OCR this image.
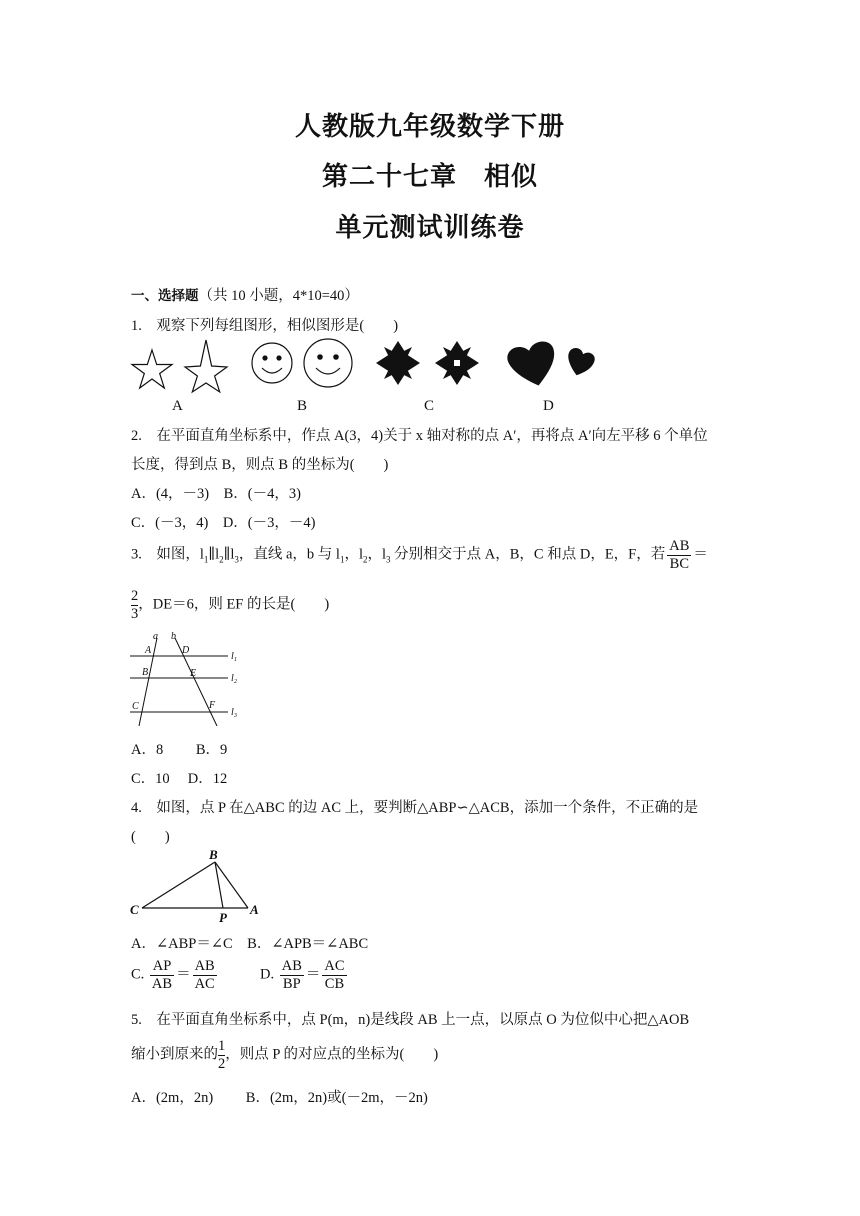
人教版九年级数学下册
第二十七章　相似
单元测试训练卷
一、选择题（共 10 小题，4*10=40）
1.　观察下列每组图形，相似图形是(　　)
A	B	C	D
2.　在平面直角坐标系中，作点 A(3，4)关于 x 轴对称的点 A′，再将点 A′向左平移 6 个单位
长度，得到点 B，则点 B 的坐标为(　　)
A．(4，－3)　B．(－4，3)
C．(－3，4)　D．(－3，－4)
3.　如图，$l_1\parallel l_2\parallel l_3$，直线 a，b 与 $l_1$，$l_2$，$l_3$ 分别相交于点 A，B，C 和点 D，E，F，若 $\frac{AB}{BC}$ ＝
$\frac{2}{3}$ ，DE＝6，则 EF 的长是(　　)
a b
A	D
B	E
C	F
l 1
l 2
l 3
A．8　　 B．9
C．10　 D．12
4.　如图，点 P 在△ABC 的边 AC 上，要判断△ABP∽△ACB，添加一个条件，不正确的是
(　　)
B
C
P
A
A．∠ABP＝∠C　B．∠APB＝∠ABC
C. $\frac{AP}{AB} = \frac{AB}{AC}$	D. $\frac{AB}{BP} = \frac{AC}{CB}$
5.　在平面直角坐标系中，点 P(m，n)是线段 AB 上一点，以原点 O 为位似中心把△AOB
缩小到原来的 $\frac{1}{2}$ ，则点 P 的对应点的坐标为(　　)
A．(2m，2n)　　 B．(2m，2n)或(－2m，－2n)
